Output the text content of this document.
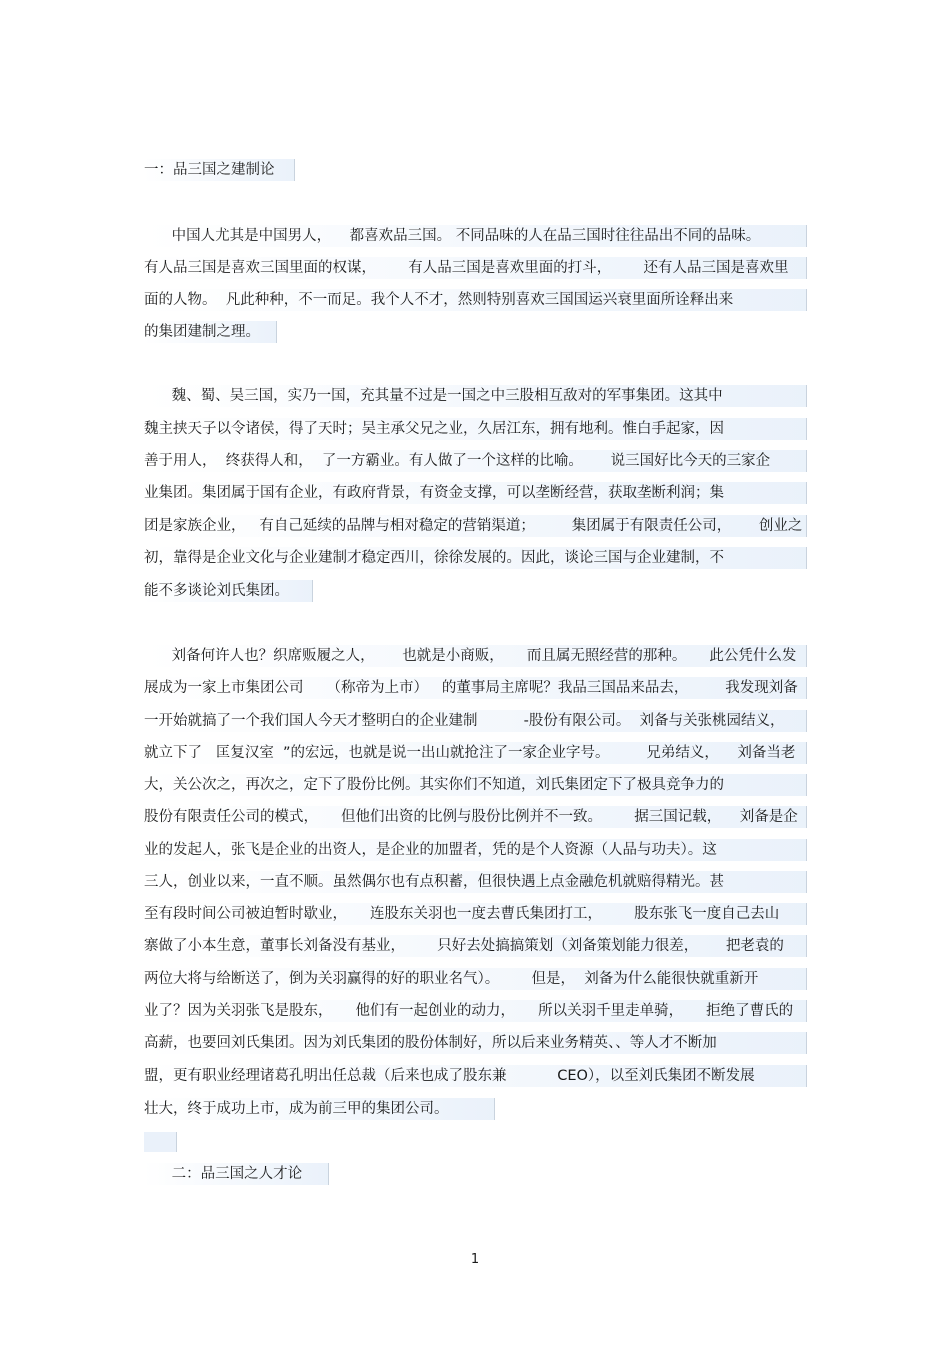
一：品三国之建制论
中国人尤其是中国男人，    都喜欢品三国。 不同品味的人在品三国时往往品出不同的品味。
有人品三国是喜欢三国里面的权谋，       有人品三国是喜欢里面的打斗，       还有人品三国是喜欢里
面的人物。  凡此种种，不一而足。我个人不才，然则特别喜欢三国国运兴衰里面所诠释出来
的集团建制之理。
魏、蜀、吴三国，实乃一国，充其量不过是一国之中三股相互敌对的军事集团。这其中
魏主挟天子以令诸侯，得了天时；吴主承父兄之业，久居江东，拥有地利。惟白手起家，因
善于用人，  终获得人和，  了一方霸业。有人做了一个这样的比喻。      说三国好比今天的三家企
业集团。集团属于国有企业，有政府背景，有资金支撑，可以垄断经营，获取垄断利润；集
团是家族企业，   有自己延续的品牌与相对稳定的营销渠道；        集团属于有限责任公司，      创业之
初，靠得是企业文化与企业建制才稳定西川，徐徐发展的。因此，谈论三国与企业建制，不
能不多谈论刘氏集团。
刘备何许人也？织席贩履之人，      也就是小商贩，     而且属无照经营的那种。     此公凭什么发
展成为一家上市集团公司     （称帝为上市）   的董事局主席呢？我品三国品来品去，        我发现刘备
一开始就搞了一个我们国人今天才整明白的企业建制          -股份有限公司。  刘备与关张桃园结义，
就立下了   匡复汉室  ”的宏远，也就是说一出山就抢注了一家企业字号。        兄弟结义，    刘备当老
大，关公次之，再次之，定下了股份比例。其实你们不知道，刘氏集团定下了极具竞争力的
股份有限责任公司的模式，     但他们出资的比例与股份比例并不一致。       据三国记载，    刘备是企
业的发起人，张飞是企业的出资人，是企业的加盟者，凭的是个人资源（人品与功夫）。这
三人，创业以来，一直不顺。虽然偶尔也有点积蓄，但很快遇上点金融危机就赔得精光。甚
至有段时间公司被迫暂时歇业，     连股东关羽也一度去曹氏集团打工，       股东张飞一度自己去山
寨做了小本生意，董事长刘备没有基业，       只好去处搞搞策划（刘备策划能力很差，      把老袁的
两位大将与给断送了，倒为关羽赢得的好的职业名气）。       但是，  刘备为什么能很快就重新开
业了？因为关羽张飞是股东，     他们有一起创业的动力，     所以关羽千里走单骑，     拒绝了曹氏的
高薪，也要回刘氏集团。因为刘氏集团的股份体制好，所以后来业务精英、、等人才不断加
盟，更有职业经理诸葛孔明出任总裁（后来也成了股东兼           CEO），以至刘氏集团不断发展
壮大，终于成功上市，成为前三甲的集团公司。
二：品三国之人才论
1
